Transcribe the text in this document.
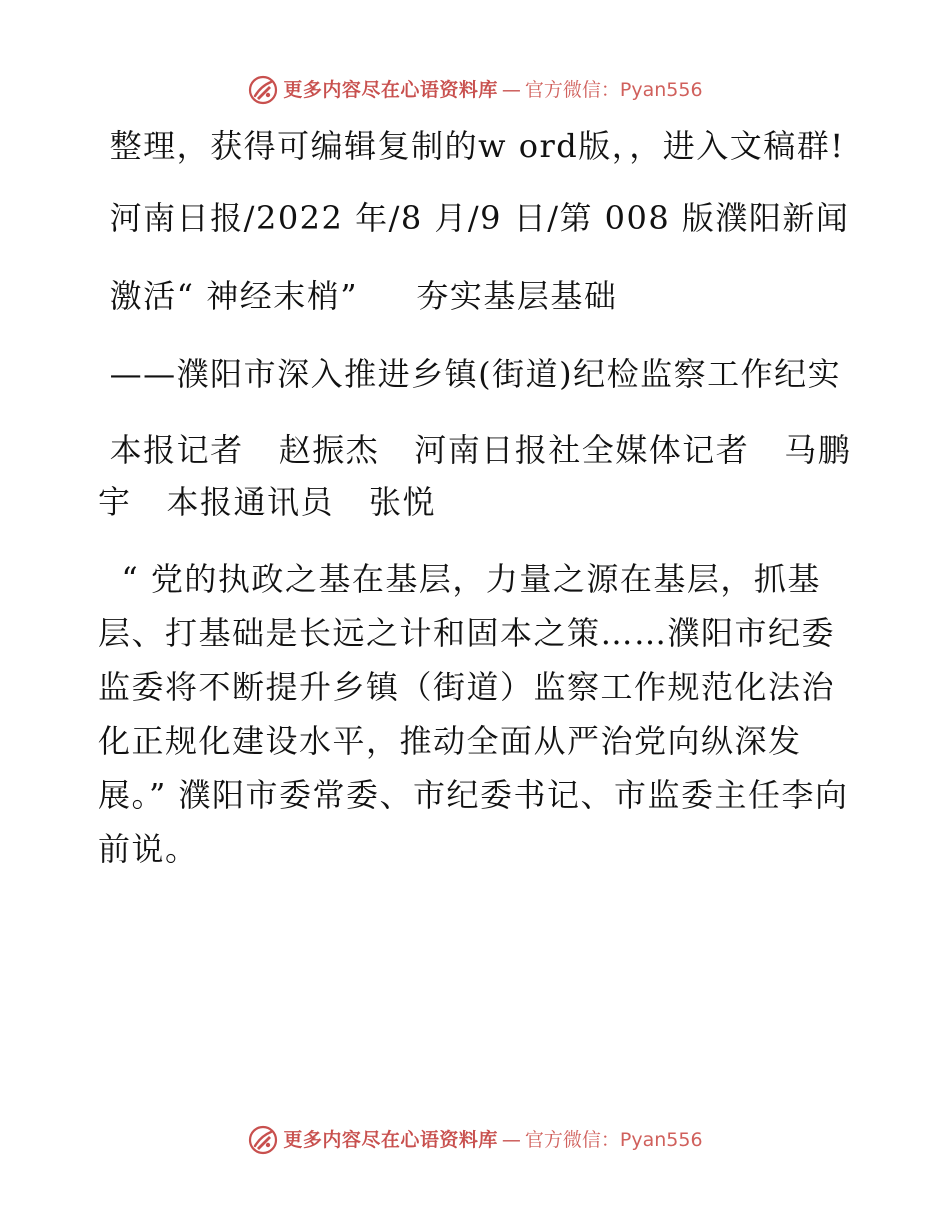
更多内容尽在心语资料库 — 官方微信：Pyan556

整理，获得可编辑复制的w ord版，，进入文稿群!

河南日报/2022 年/8 月/9 日/第 008 版濮阳新闻

激活“ 神经末梢”     夯实基层基础

——濮阳市深入推进乡镇(街道)纪检监察工作纪实

本报记者   赵振杰   河南日报社全媒体记者   马鹏宇   本报通讯员   张悦

“ 党的执政之基在基层，力量之源在基层，抓基层、打基础是长远之计和固本之策……濮阳市纪委监委将不断提升乡镇（街道）监察工作规范化法治化正规化建设水平，推动全面从严治党向纵深发展。” 濮阳市委常委、市纪委书记、市监委主任李向前说。

更多内容尽在心语资料库 — 官方微信：Pyan556
